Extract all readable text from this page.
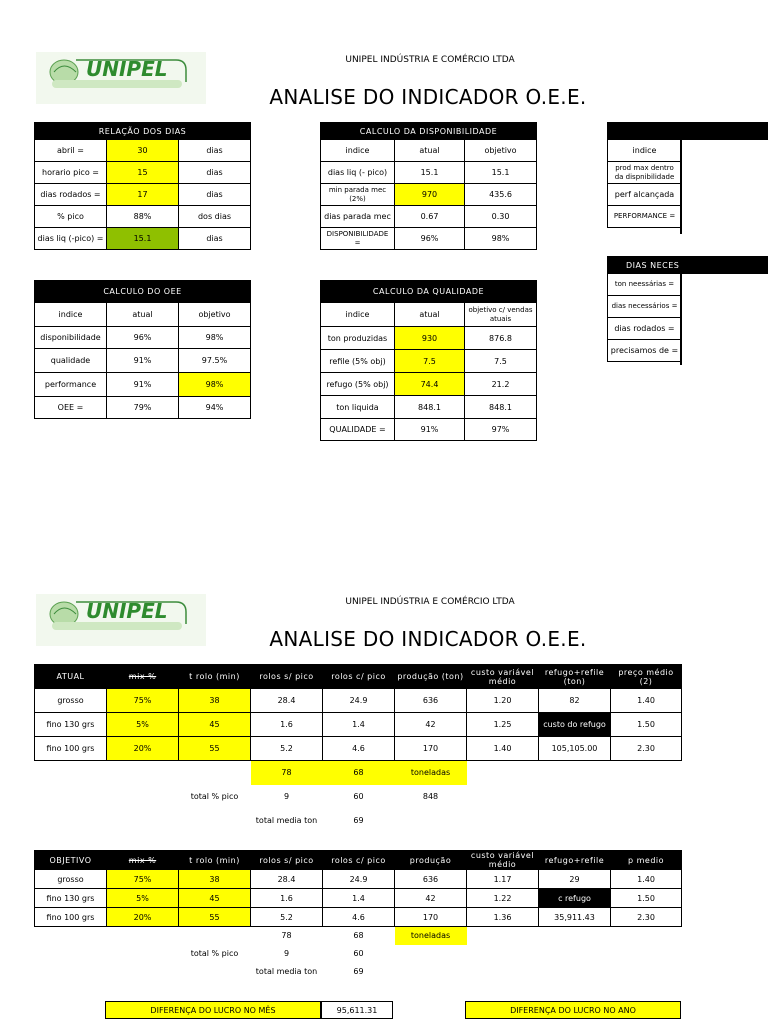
UNIPEL	UNIPEL INDÚSTRIA E COMÉRCIO LTDA
ANALISE DO INDICADOR O.E.E.
RELAÇÃO DOS DIAS		
abril =	30	dias
horario pico =	15	dias
dias rodados =	17	dias
% pico	88%	dos dias
dias liq (-pico) =	15.1	dias
CALCULO DA DISPONIBILIDADE		
indice	atual	objetivo
dias liq (- pico)	15.1	15.1
min parada mec (2%)	970	435.6
dias parada mec	0.67	0.30
DISPONIBILIDADE =	96%	98%

indice		
prod max dentro da dispnibilidade		
perf alcançada		
PERFORMANCE =		
DIAS NECES	
ton neessárias =	
dias necessários =	
dias rodados =	
precisamos de =	
CALCULO DO OEE		
indice	atual	objetivo
disponibilidade	96%	98%
qualidade	91%	97.5%
performance	91%	98%
OEE =	79%	94%
CALCULO DA QUALIDADE		
indice	atual	objetivo c/ vendas atuais
ton produzidas	930	876.8
refile (5% obj)	7.5	7.5
refugo (5% obj)	74.4	21.2
ton liquida	848.1	848.1
QUALIDADE =	91%	97%
UNIPEL	UNIPEL INDÚSTRIA E COMÉRCIO LTDA
ANALISE DO INDICADOR O.E.E.
ATUAL	mix %	t rolo (min)	rolos s/ pico	rolos c/ pico	produção (ton)	custo variável médio	refugo+refile (ton)	preço médio (2)
grosso	75%	38	28.4	24.9	636	1.20	82	1.40
fino 130 grs	5%	45	1.6	1.4	42	1.25	custo do refugo	1.50
fino 100 grs	20%	55	5.2	4.6	170	1.40	105,105.00	2.30
			78	68	toneladas			
		total % pico	9	60	848			
			total media ton	69				
OBJETIVO	mix %	t rolo (min)	rolos s/ pico	rolos c/ pico	produção	custo variável médio	refugo+refile	p medio
grosso	75%	38	28.4	24.9	636	1.17	29	1.40
fino 130 grs	5%	45	1.6	1.4	42	1.22	c refugo	1.50
fino 100 grs	20%	55	5.2	4.6	170	1.36	35,911.43	2.30
			78	68	toneladas			
		total % pico	9	60				
			total media ton	69				
DIFERENÇA DO LUCRO NO MÊS	95,611.31	DIFERENÇA DO LUCRO NO ANO
